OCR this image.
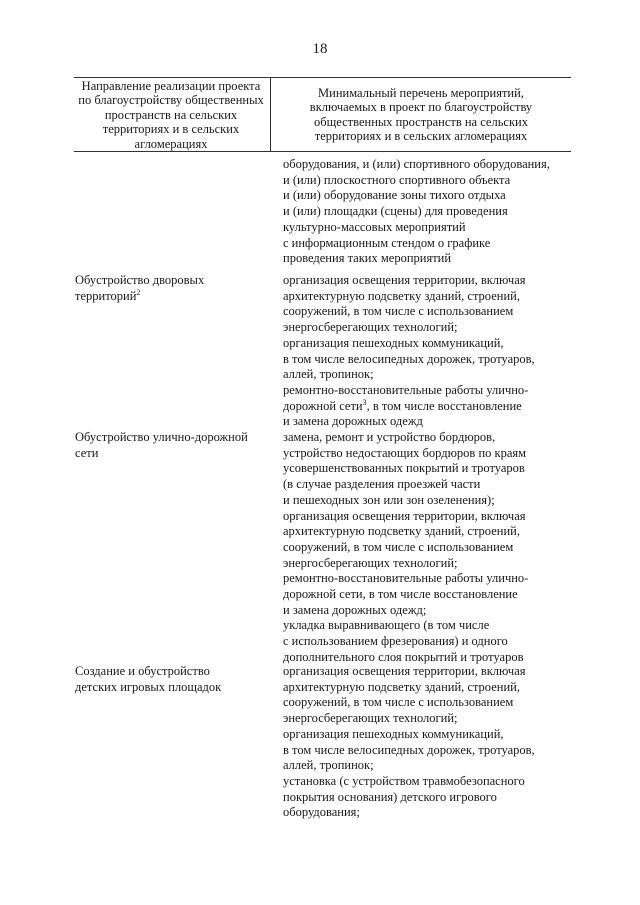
18
Направление реализации проекта
по благоустройству общественных
пространств на сельских
территориях и в сельских
агломерациях
Минимальный перечень мероприятий,
включаемых в проект по благоустройству
общественных пространств на сельских
территориях и в сельских агломерациях
оборудования, и (или) спортивного оборудования,
и (или) плоскостного спортивного объекта
и (или) оборудование зоны тихого отдыха
и (или) площадки (сцены) для проведения
культурно-массовых мероприятий
с информационным стендом о графике
проведения таких мероприятий
Обустройство дворовых
территорий$^2$
организация освещения территории, включая
архитектурную подсветку зданий, строений,
сооружений, в том числе с использованием
энергосберегающих технологий;
организация пешеходных коммуникаций,
в том числе велосипедных дорожек, тротуаров,
аллей, тропинок;
ремонтно-восстановительные работы улично-
дорожной сети$^3$, в том числе восстановление
и замена дорожных одежд
Обустройство улично-дорожной
сети
замена, ремонт и устройство бордюров,
устройство недостающих бордюров по краям
усовершенствованных покрытий и тротуаров
(в случае разделения проезжей части
и пешеходных зон или зон озеленения);
организация освещения территории, включая
архитектурную подсветку зданий, строений,
сооружений, в том числе с использованием
энергосберегающих технологий;
ремонтно-восстановительные работы улично-
дорожной сети, в том числе восстановление
и замена дорожных одежд;
укладка выравнивающего (в том числе
с использованием фрезерования) и одного
дополнительного слоя покрытий и тротуаров
Создание и обустройство
детских игровых площадок
организация освещения территории, включая
архитектурную подсветку зданий, строений,
сооружений, в том числе с использованием
энергосберегающих технологий;
организация пешеходных коммуникаций,
в том числе велосипедных дорожек, тротуаров,
аллей, тропинок;
установка (с устройством травмобезопасного
покрытия основания) детского игрового
оборудования;
